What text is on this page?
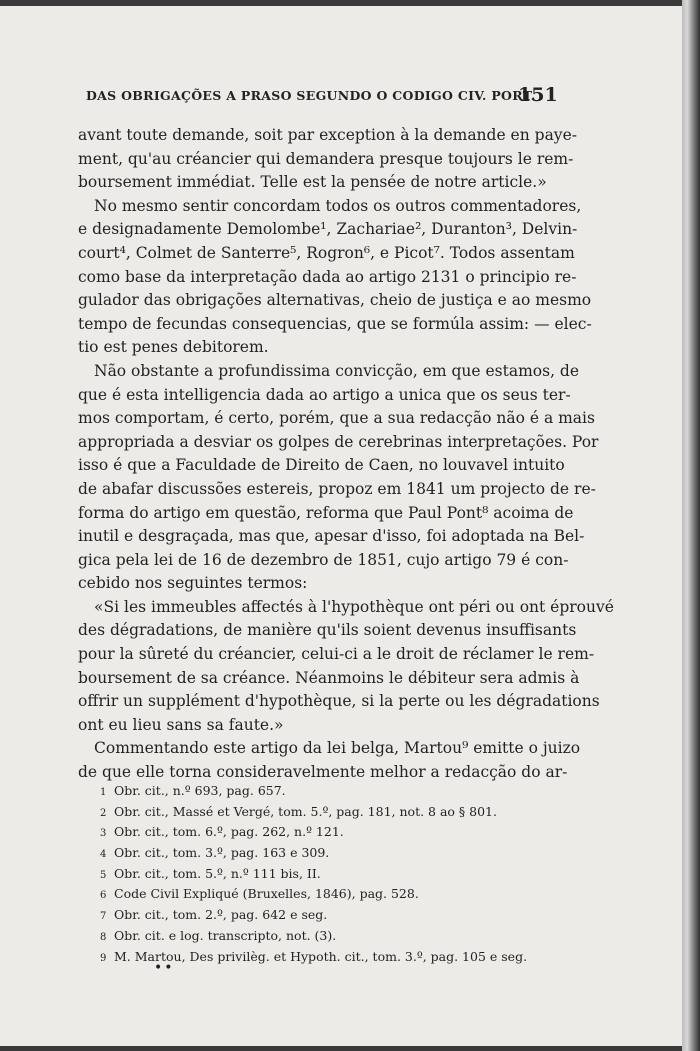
DAS OBRIGAÇÕES A PRASO SEGUNDO O CODIGO CIV. PORT.
151
avant toute demande, soit par exception à la demande en paye-
ment, qu'au créancier qui demandera presque toujours le rem-
boursement immédiat. Telle est la pensée de notre article.»
No mesmo sentir concordam todos os outros commentadores,
e designadamente Demolombe¹, Zachariae², Duranton³, Delvin-
court⁴, Colmet de Santerre⁵, Rogron⁶, e Picot⁷. Todos assentam
como base da interpretação dada ao artigo 2131 o principio re-
gulador das obrigações alternativas, cheio de justiça e ao mesmo
tempo de fecundas consequencias, que se formúla assim: — elec-
tio est penes debitorem.
Não obstante a profundissima convicção, em que estamos, de
que é esta intelligencia dada ao artigo a unica que os seus ter-
mos comportam, é certo, porém, que a sua redacção não é a mais
appropriada a desviar os golpes de cerebrinas interpretações. Por
isso é que a Faculdade de Direito de Caen, no louvavel intuito
de abafar discussões estereis, propoz em 1841 um projecto de re-
forma do artigo em questão, reforma que Paul Pont⁸ acoima de
inutil e desgraçada, mas que, apesar d'isso, foi adoptada na Bel-
gica pela lei de 16 de dezembro de 1851, cujo artigo 79 é con-
cebido nos seguintes termos:
«Si les immeubles affectés à l'hypothèque ont péri ou ont éprouvé
des dégradations, de manière qu'ils soient devenus insuffisants
pour la sûreté du créancier, celui-ci a le droit de réclamer le rem-
boursement de sa créance. Néanmoins le débiteur sera admis à
offrir un supplément d'hypothèque, si la perte ou les dégradations
ont eu lieu sans sa faute.»
Commentando este artigo da lei belga, Martou⁹ emitte o juizo
de que elle torna consideravelmente melhor a redacção do ar-
1 Obr. cit., n.º 693, pag. 657.
2 Obr. cit., Massé et Vergé, tom. 5.º, pag. 181, not. 8 ao § 801.
3 Obr. cit., tom. 6.º, pag. 262, n.º 121.
4 Obr. cit., tom. 3.º, pag. 163 e 309.
5 Obr. cit., tom. 5.º, n.º 111 bis, II.
6 Code Civil Expliqué (Bruxelles, 1846), pag. 528.
7 Obr. cit., tom. 2.º, pag. 642 e seg.
8 Obr. cit. e log. transcripto, not. (3).
9 M. Martou, Des privilèg. et Hypoth. cit., tom. 3.º, pag. 105 e seg.
••
